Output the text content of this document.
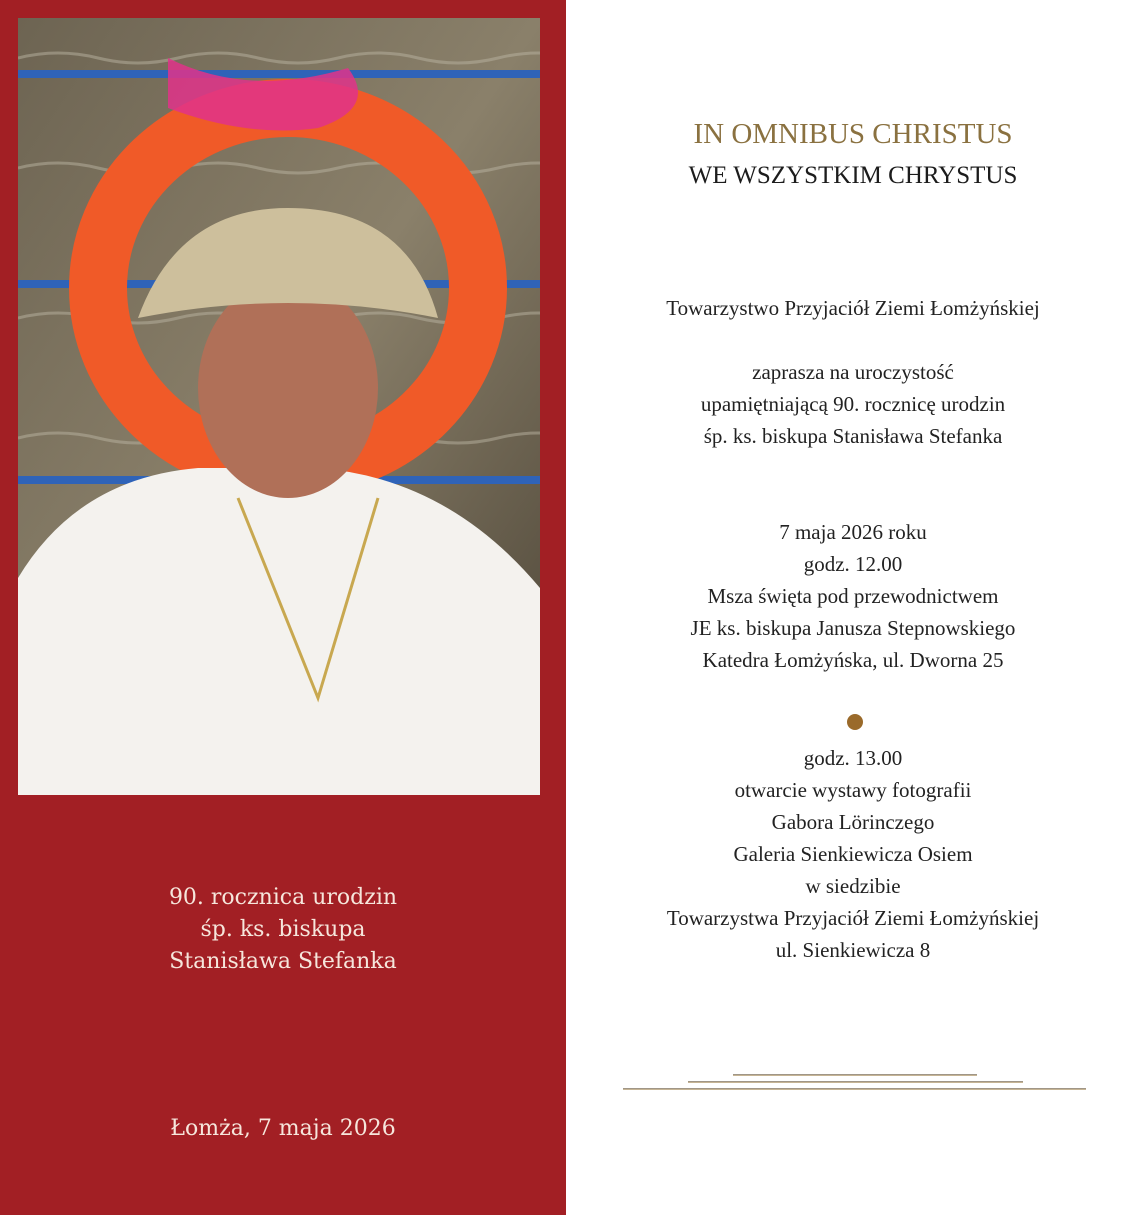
90. rocznica urodzin
śp. ks. biskupa
Stanisława Stefanka
Łomża, 7 maja 2026
IN OMNIBUS CHRISTUS
WE WSZYSTKIM CHRYSTUS
Towarzystwo Przyjaciół Ziemi Łomżyńskiej
zaprasza na uroczystość
upamiętniającą 90. rocznicę urodzin
śp. ks. biskupa Stanisława Stefanka
7 maja 2026 roku
godz. 12.00
Msza święta pod przewodnictwem
JE ks. biskupa Janusza Stepnowskiego
Katedra Łomżyńska, ul. Dworna 25
godz. 13.00
otwarcie wystawy fotografii
Gabora Lörinczego
Galeria Sienkiewicza Osiem
w siedzibie
Towarzystwa Przyjaciół Ziemi Łomżyńskiej
ul. Sienkiewicza 8
